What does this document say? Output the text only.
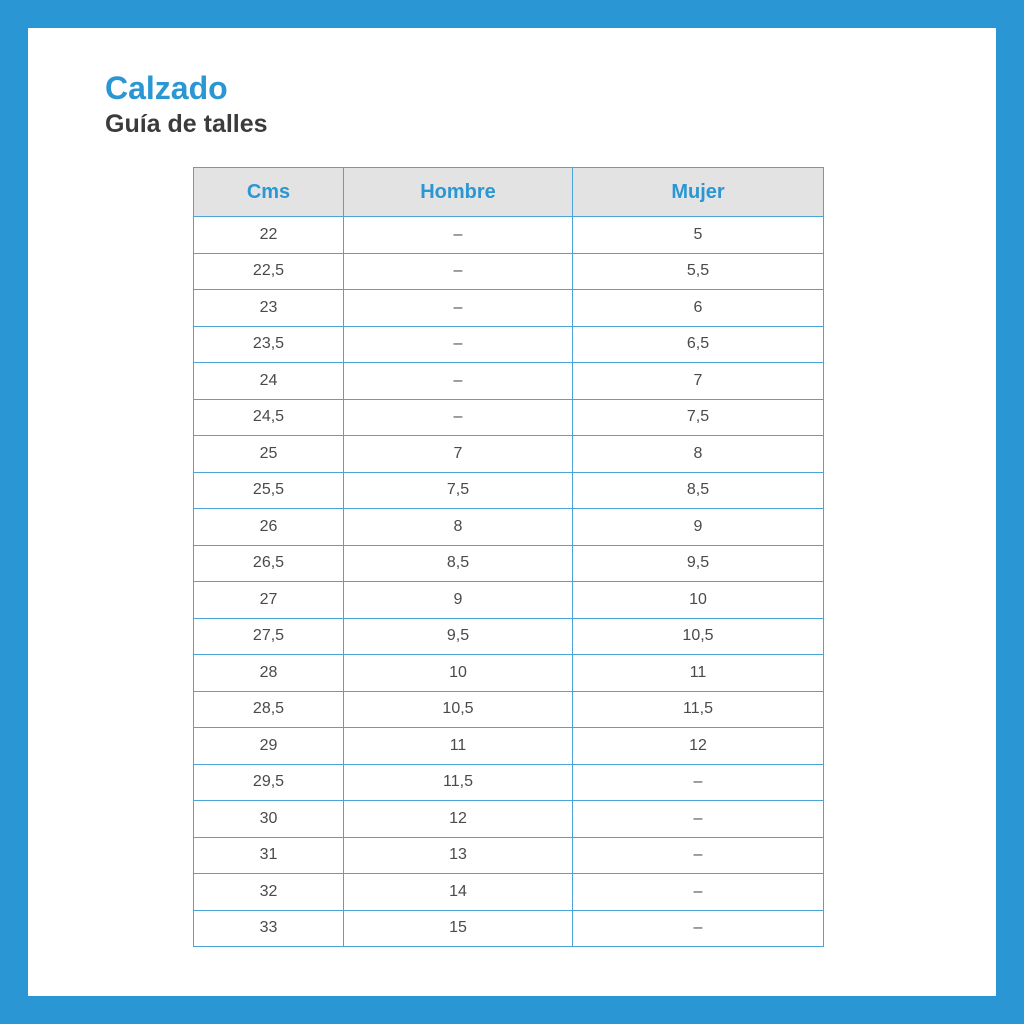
Calzado
Guía de talles
Cms	Hombre	Mujer
22	–	5
22,5	–	5,5
23	–	6
23,5	–	6,5
24	–	7
24,5	–	7,5
25	7	8
25,5	7,5	8,5
26	8	9
26,5	8,5	9,5
27	9	10
27,5	9,5	10,5
28	10	11
28,5	10,5	11,5
29	11	12
29,5	11,5	–
30	12	–
31	13	–
32	14	–
33	15	–
